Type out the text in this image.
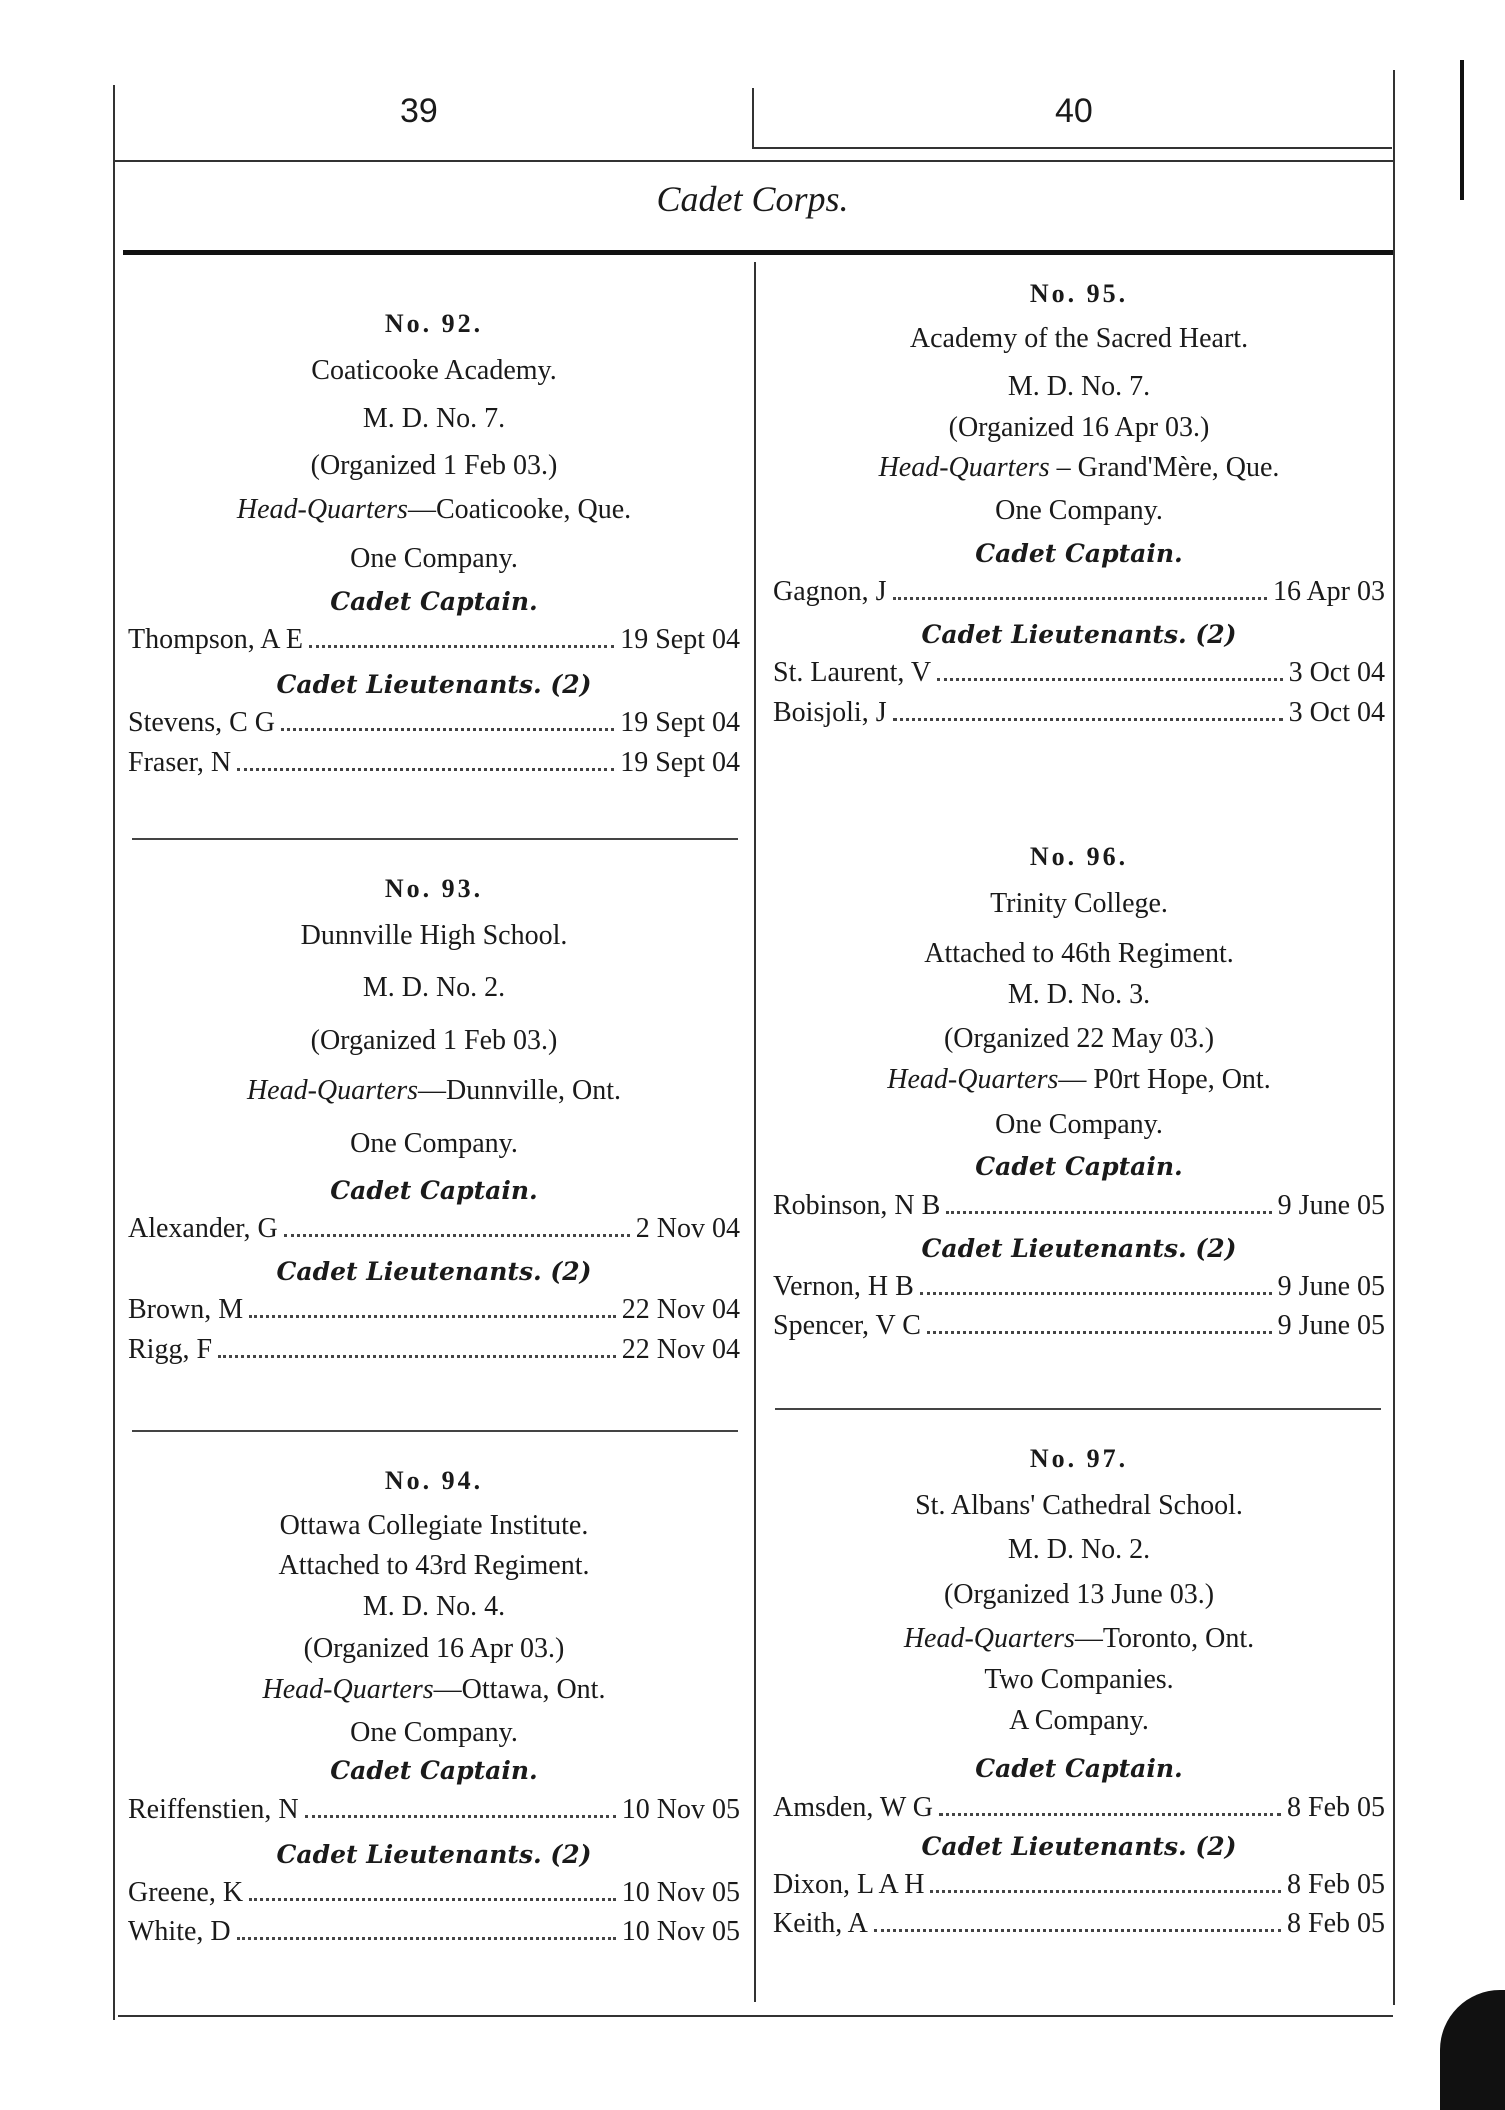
39	40
Cadet Corps.
No. 92.
Coaticooke Academy.
M. D. No. 7.
(Organized 1 Feb 03.)
Head-Quarters—Coaticooke, Que.
One Company.
Cadet Captain.
Thompson, A E	19 Sept 04
Cadet Lieutenants. (2)
Stevens, C G	19 Sept 04
Fraser, N	19 Sept 04
No. 93.
Dunnville High School.
M. D. No. 2.
(Organized 1 Feb 03.)
Head-Quarters—Dunnville, Ont.
One Company.
Cadet Captain.
Alexander, G	2 Nov 04
Cadet Lieutenants. (2)
Brown, M	22 Nov 04
Rigg, F	22 Nov 04
No. 94.
Ottawa Collegiate Institute.
Attached to 43rd Regiment.
M. D. No. 4.
(Organized 16 Apr 03.)
Head-Quarters—Ottawa, Ont.
One Company.
Cadet Captain.
Reiffenstien, N	10 Nov 05
Cadet Lieutenants. (2)
Greene, K	10 Nov 05
White, D	10 Nov 05
No. 95.
Academy of the Sacred Heart.
M. D. No. 7.
(Organized 16 Apr 03.)
Head-Quarters – Grand'Mère, Que.
One Company.
Cadet Captain.
Gagnon, J	16 Apr 03
Cadet Lieutenants. (2)
St. Laurent, V	3 Oct 04
Boisjoli, J	3 Oct 04
No. 96.
Trinity College.
Attached to 46th Regiment.
M. D. No. 3.
(Organized 22 May 03.)
Head-Quarters— P0rt Hope, Ont.
One Company.
Cadet Captain.
Robinson, N B	9 June 05
Cadet Lieutenants. (2)
Vernon, H B	9 June 05
Spencer, V C	9 June 05
No. 97.
St. Albans' Cathedral School.
M. D. No. 2.
(Organized 13 June 03.)
Head-Quarters—Toronto, Ont.
Two Companies.
A Company.
Cadet Captain.
Amsden, W G	8 Feb 05
Cadet Lieutenants. (2)
Dixon, L A H	8 Feb 05
Keith, A	8 Feb 05
